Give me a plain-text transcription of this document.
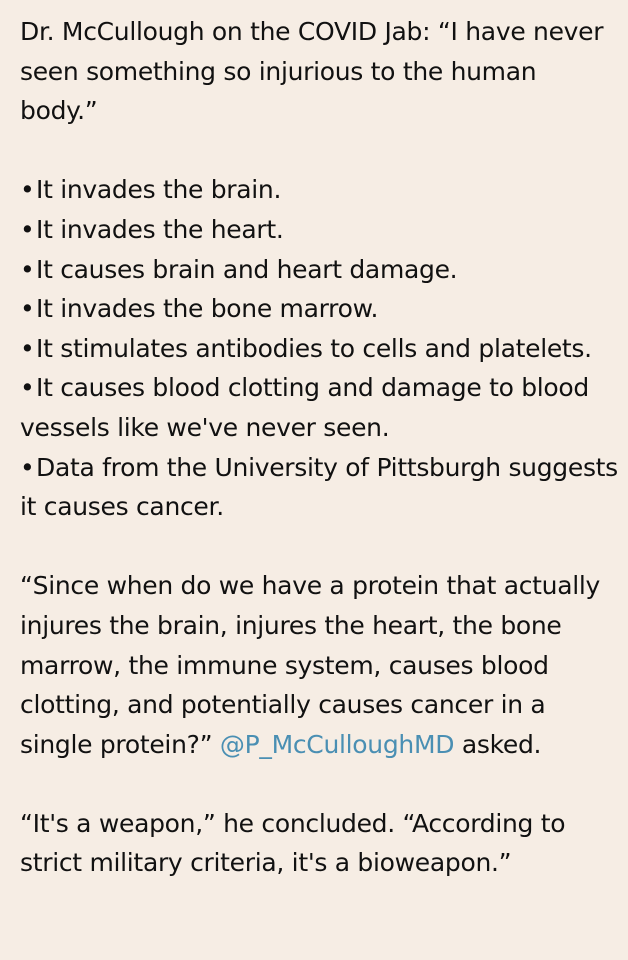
Dr. McCullough on the COVID Jab: “I have never seen something so injurious to the human body.”

•It invades the brain.
•It invades the heart.
•It causes brain and heart damage.
•It invades the bone marrow.
•It stimulates antibodies to cells and platelets.
•It causes blood clotting and damage to blood vessels like we've never seen.
•Data from the University of Pittsburgh suggests it causes cancer.

“Since when do we have a protein that actually injures the brain, injures the heart, the bone marrow, the immune system, causes blood clotting, and potentially causes cancer in a single protein?” @P_McCulloughMD asked.

“It's a weapon,” he concluded. “According to strict military criteria, it's a bioweapon.”
